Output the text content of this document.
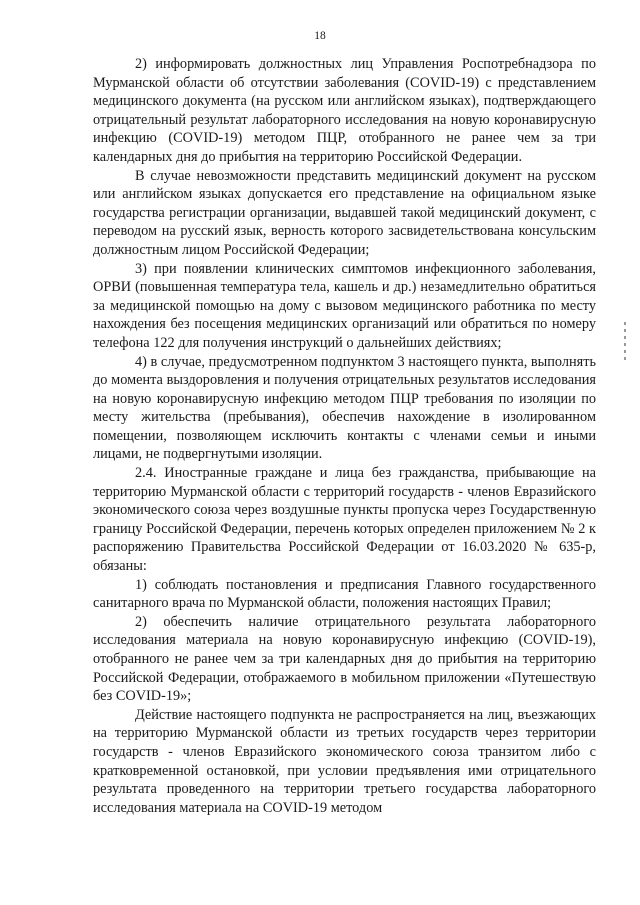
18

2) информировать должностных лиц Управления Роспотребнадзора по Мурманской области об отсутствии заболевания (COVID-19) с представлением медицинского документа (на русском или английском языках), подтверждающего отрицательный результат лабораторного исследования на новую коронавирусную инфекцию (COVID-19) методом ПЦР, отобранного не ранее чем за три календарных дня до прибытия на территорию Российской Федерации.

В случае невозможности представить медицинский документ на русском или английском языках допускается его представление на официальном языке государства регистрации организации, выдавшей такой медицинский документ, с переводом на русский язык, верность которого засвидетельствована консульским должностным лицом Российской Федерации;

3) при появлении клинических симптомов инфекционного заболевания, ОРВИ (повышенная температура тела, кашель и др.) незамедлительно обратиться за медицинской помощью на дому с вызовом медицинского работника по месту нахождения без посещения медицинских организаций или обратиться по номеру телефона 122 для получения инструкций о дальнейших действиях;

4) в случае, предусмотренном подпунктом 3 настоящего пункта, выполнять до момента выздоровления и получения отрицательных результатов исследования на новую коронавирусную инфекцию методом ПЦР требования по изоляции по месту жительства (пребывания), обеспечив нахождение в изолированном помещении, позволяющем исключить контакты с членами семьи и иными лицами, не подвергнутыми изоляции.

2.4. Иностранные граждане и лица без гражданства, прибывающие на территорию Мурманской области с территорий государств - членов Евразийского экономического союза через воздушные пункты пропуска через Государственную границу Российской Федерации, перечень которых определен приложением № 2 к распоряжению Правительства Российской Федерации от 16.03.2020 № 635-р, обязаны:

1) соблюдать постановления и предписания Главного государственного санитарного врача по Мурманской области, положения настоящих Правил;

2) обеспечить наличие отрицательного результата лабораторного исследования материала на новую коронавирусную инфекцию (COVID-19), отобранного не ранее чем за три календарных дня до прибытия на территорию Российской Федерации, отображаемого в мобильном приложении «Путешествую без COVID-19»;

Действие настоящего подпункта не распространяется на лиц, въезжающих на территорию Мурманской области из третьих государств через территории государств - членов Евразийского экономического союза транзитом либо с кратковременной остановкой, при условии предъявления ими отрицательного результата проведенного на территории третьего государства лабораторного исследования материала на COVID-19 методом
